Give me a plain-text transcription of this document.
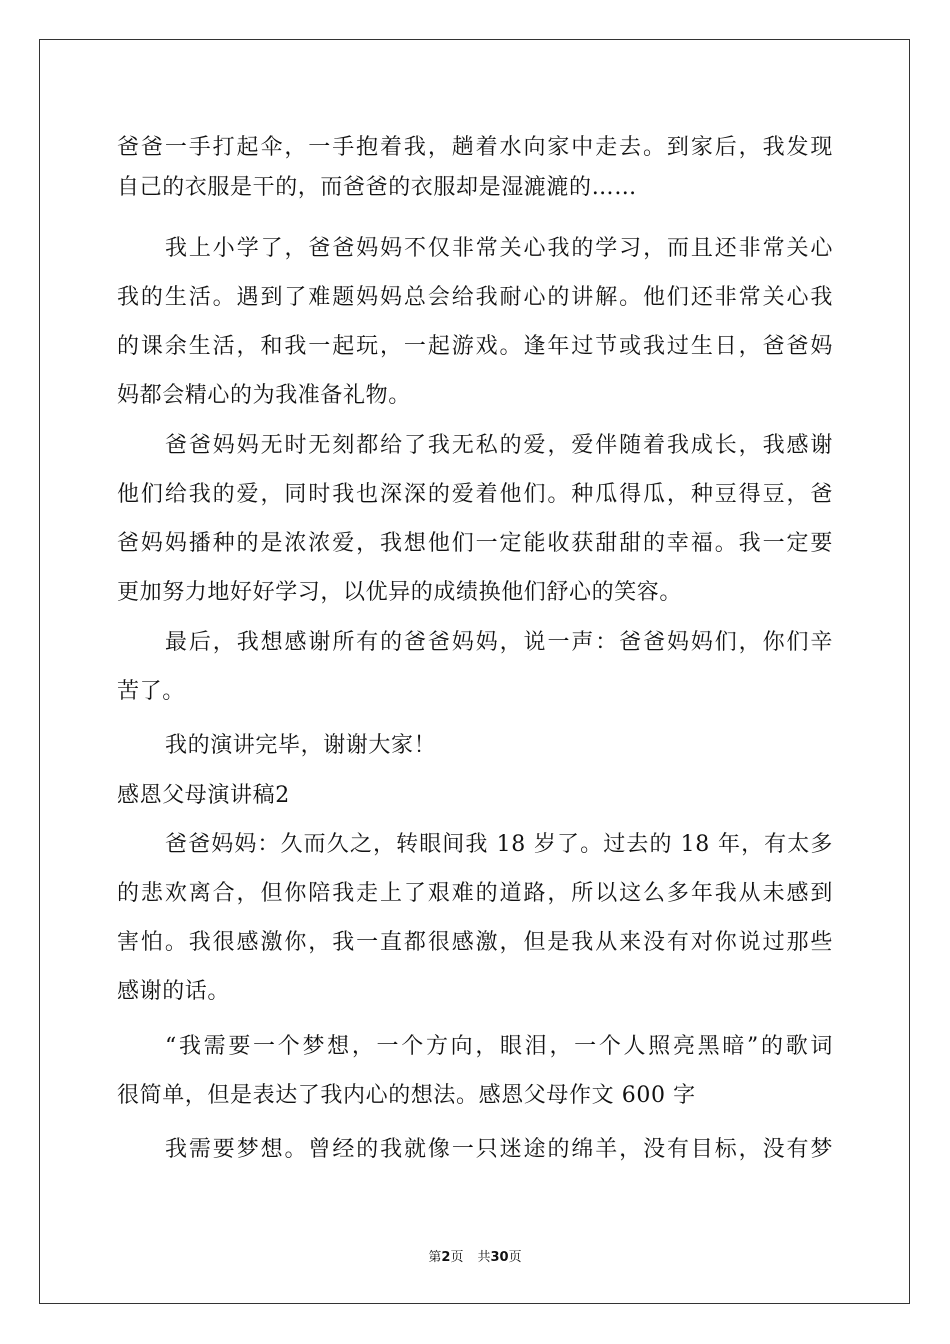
爸爸一手打起伞，一手抱着我，趟着水向家中走去。到家后，我发现
自己的衣服是干的，而爸爸的衣服却是湿漉漉的……
我上小学了，爸爸妈妈不仅非常关心我的学习，而且还非常关心
我的生活。遇到了难题妈妈总会给我耐心的讲解。他们还非常关心我
的课余生活，和我一起玩，一起游戏。逢年过节或我过生日，爸爸妈
妈都会精心的为我准备礼物。
爸爸妈妈无时无刻都给了我无私的爱，爱伴随着我成长，我感谢
他们给我的爱，同时我也深深的爱着他们。种瓜得瓜，种豆得豆，爸
爸妈妈播种的是浓浓爱，我想他们一定能收获甜甜的幸福。我一定要
更加努力地好好学习，以优异的成绩换他们舒心的笑容。
最后，我想感谢所有的爸爸妈妈，说一声：爸爸妈妈们，你们辛
苦了。
我的演讲完毕，谢谢大家！
感恩父母演讲稿2
爸爸妈妈：久而久之，转眼间我 18 岁了。过去的 18 年，有太多
的悲欢离合，但你陪我走上了艰难的道路，所以这么多年我从未感到
害怕。我很感激你，我一直都很感激，但是我从来没有对你说过那些
感谢的话。
“我需要一个梦想，一个方向，眼泪，一个人照亮黑暗”的歌词
很简单，但是表达了我内心的想法。感恩父母作文 600 字
我需要梦想。曾经的我就像一只迷途的绵羊，没有目标，没有梦
第2页 共30页
